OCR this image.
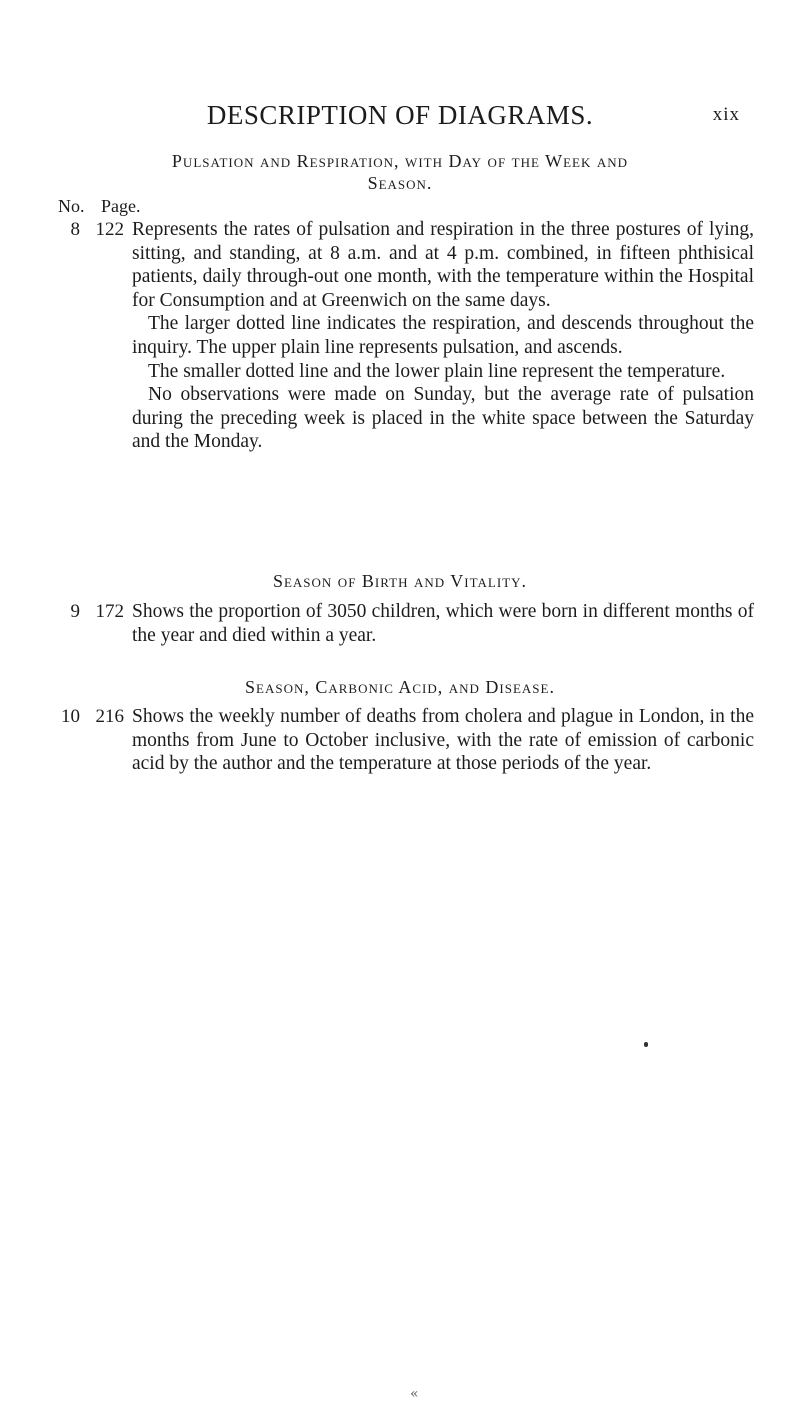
DESCRIPTION OF DIAGRAMS.	xix
Pulsation and Respiration, with Day of the Week and
Season.
No. Page.
8 122 Represents the rates of pulsation and respiration in the three postures of lying, sitting, and standing, at 8 a.m. and at 4 p.m. combined, in fifteen phthisical patients, daily through-out one month, with the temperature within the Hospital for Consumption and at Greenwich on the same days.

The larger dotted line indicates the respiration, and descends throughout the inquiry. The upper plain line represents pulsation, and ascends.

The smaller dotted line and the lower plain line represent the temperature.

No observations were made on Sunday, but the average rate of pulsation during the preceding week is placed in the white space between the Saturday and the Monday.

Season of Birth and Vitality.
9 172 Shows the proportion of 3050 children, which were born in different months of the year and died within a year.

Season, Carbonic Acid, and Disease.
10 216 Shows the weekly number of deaths from cholera and plague in London, in the months from June to October inclusive, with the rate of emission of carbonic acid by the author and the temperature at those periods of the year.

«
